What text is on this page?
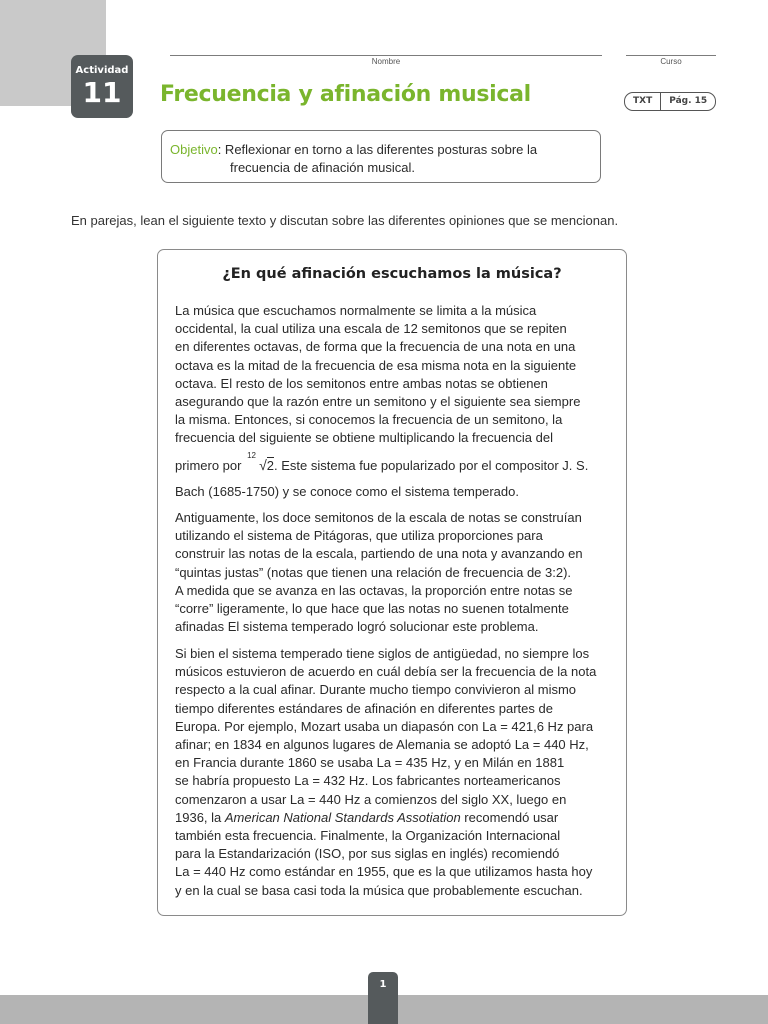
Actividad
11
Nombre	Curso
Frecuencia y afinación musical	TXT	Pág. 15
Objetivo: Reflexionar en torno a las diferentes posturas sobre la
frecuencia de afinación musical.
En parejas, lean el siguiente texto y discutan sobre las diferentes opiniones que se mencionan.
¿En qué afinación escuchamos la música?
La música que escuchamos normalmente se limita a la música
occidental, la cual utiliza una escala de 12 semitonos que se repiten
en diferentes octavas, de forma que la frecuencia de una nota en una
octava es la mitad de la frecuencia de esa misma nota en la siguiente
octava. El resto de los semitonos entre ambas notas se obtienen
asegurando que la razón entre un semitono y el siguiente sea siempre
la misma. Entonces, si conocemos la frecuencia de un semitono, la
frecuencia del siguiente se obtiene multiplicando la frecuencia del
primero por
12
√2. Este sistema fue popularizado por el compositor J. S.
Bach (1685-1750) y se conoce como el sistema temperado.
Antiguamente, los doce semitonos de la escala de notas se construían
utilizando el sistema de Pitágoras, que utiliza proporciones para
construir las notas de la escala, partiendo de una nota y avanzando en
“quintas justas” (notas que tienen una relación de frecuencia de 3:2).
A medida que se avanza en las octavas, la proporción entre notas se
“corre” ligeramente, lo que hace que las notas no suenen totalmente
afinadas El sistema temperado logró solucionar este problema.
Si bien el sistema temperado tiene siglos de antigüedad, no siempre los
músicos estuvieron de acuerdo en cuál debía ser la frecuencia de la nota
respecto a la cual afinar. Durante mucho tiempo convivieron al mismo
tiempo diferentes estándares de afinación en diferentes partes de
Europa. Por ejemplo, Mozart usaba un diapasón con La = 421,6 Hz para
afinar; en 1834 en algunos lugares de Alemania se adoptó La = 440 Hz,
en Francia durante 1860 se usaba La = 435 Hz, y en Milán en 1881
se habría propuesto La = 432 Hz. Los fabricantes norteamericanos
comenzaron a usar La = 440 Hz a comienzos del siglo XX, luego en
1936, la American National Standards Assotiation recomendó usar
también esta frecuencia. Finalmente, la Organización Internacional
para la Estandarización (ISO, por sus siglas en inglés) recomiendó
La = 440 Hz como estándar en 1955, que es la que utilizamos hasta hoy
y en la cual se basa casi toda la música que probablemente escuchan.
1
